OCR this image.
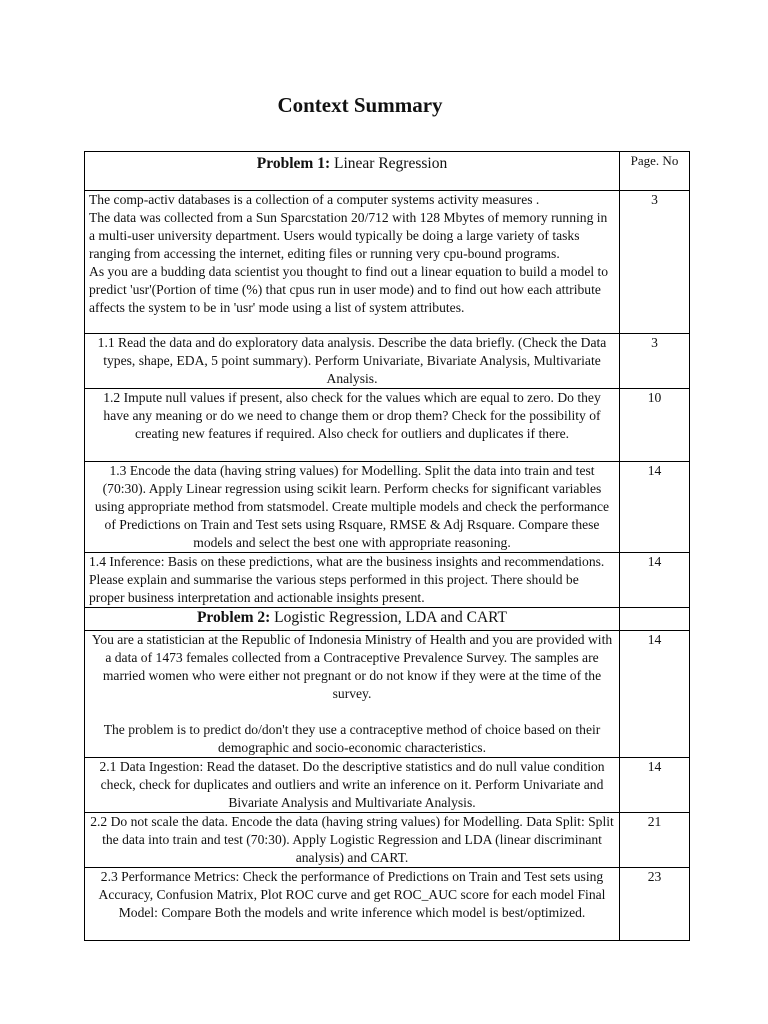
Context Summary
Problem 1: Linear Regression	Page. No

The comp-activ databases is a collection of a computer systems activity measures .
The data was collected from a Sun Sparcstation 20/712 with 128 Mbytes of memory running in a multi-user university department. Users would typically be doing a large variety of tasks ranging from accessing the internet, editing files or running very cpu-bound programs.
As you are a budding data scientist you thought to find out a linear equation to build a model to predict 'usr'(Portion of time (%) that cpus run in user mode) and to find out how each attribute affects the system to be in 'usr' mode using a list of system attributes.	3
1.1 Read the data and do exploratory data analysis. Describe the data briefly. (Check the Data types, shape, EDA, 5 point summary). Perform Univariate, Bivariate Analysis, Multivariate Analysis.	3
1.2 Impute null values if present, also check for the values which are equal to zero. Do they have any meaning or do we need to change them or drop them? Check for the possibility of creating new features if required. Also check for outliers and duplicates if there.	10
1.3 Encode the data (having string values) for Modelling. Split the data into train and test (70:30). Apply Linear regression using scikit learn. Perform checks for significant variables using appropriate method from statsmodel. Create multiple models and check the performance of Predictions on Train and Test sets using Rsquare, RMSE & Adj Rsquare. Compare these models and select the best one with appropriate reasoning.	14
1.4 Inference: Basis on these predictions, what are the business insights and recommendations. Please explain and summarise the various steps performed in this project. There should be proper business interpretation and actionable insights present.	14
Problem 2: Logistic Regression, LDA and CART	

You are a statistician at the Republic of Indonesia Ministry of Health and you are provided with a data of 1473 females collected from a Contraceptive Prevalence Survey. The samples are married women who were either not pregnant or do not know if they were at the time of the survey.
The problem is to predict do/don't they use a contraceptive method of choice based on their demographic and socio-economic characteristics.	14
2.1 Data Ingestion: Read the dataset. Do the descriptive statistics and do null value condition check, check for duplicates and outliers and write an inference on it. Perform Univariate and Bivariate Analysis and Multivariate Analysis.	14
2.2 Do not scale the data. Encode the data (having string values) for Modelling. Data Split: Split the data into train and test (70:30). Apply Logistic Regression and LDA (linear discriminant analysis) and CART.	21
2.3 Performance Metrics: Check the performance of Predictions on Train and Test sets using Accuracy, Confusion Matrix, Plot ROC curve and get ROC_AUC score for each model Final Model: Compare Both the models and write inference which model is best/optimized.	23
